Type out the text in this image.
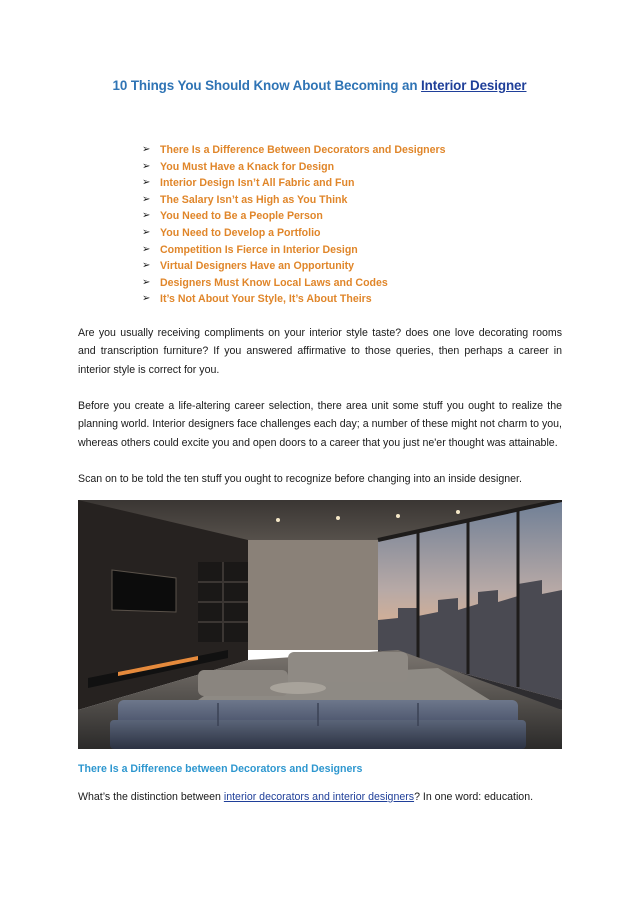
10 Things You Should Know About Becoming an Interior Designer
➢ There Is a Difference Between Decorators and Designers
➢ You Must Have a Knack for Design
➢ Interior Design Isn’t All Fabric and Fun
➢ The Salary Isn’t as High as You Think
➢ You Need to Be a People Person
➢ You Need to Develop a Portfolio
➢ Competition Is Fierce in Interior Design
➢ Virtual Designers Have an Opportunity
➢ Designers Must Know Local Laws and Codes
➢ It’s Not About Your Style, It’s About Theirs

Are you usually receiving compliments on your interior style taste? does one love decorating rooms and transcription furniture? If you answered affirmative to those queries, then perhaps a career in interior style is correct for you.

Before you create a life-altering career selection, there area unit some stuff you ought to realize the planning world. Interior designers face challenges each day; a number of these might not charm to you, whereas others could excite you and open doors to a career that you just ne'er thought was attainable.

Scan on to be told the ten stuff you ought to recognize before changing into an inside designer.

There Is a Difference between Decorators and Designers

What’s the distinction between interior decorators and interior designers? In one word: education.
